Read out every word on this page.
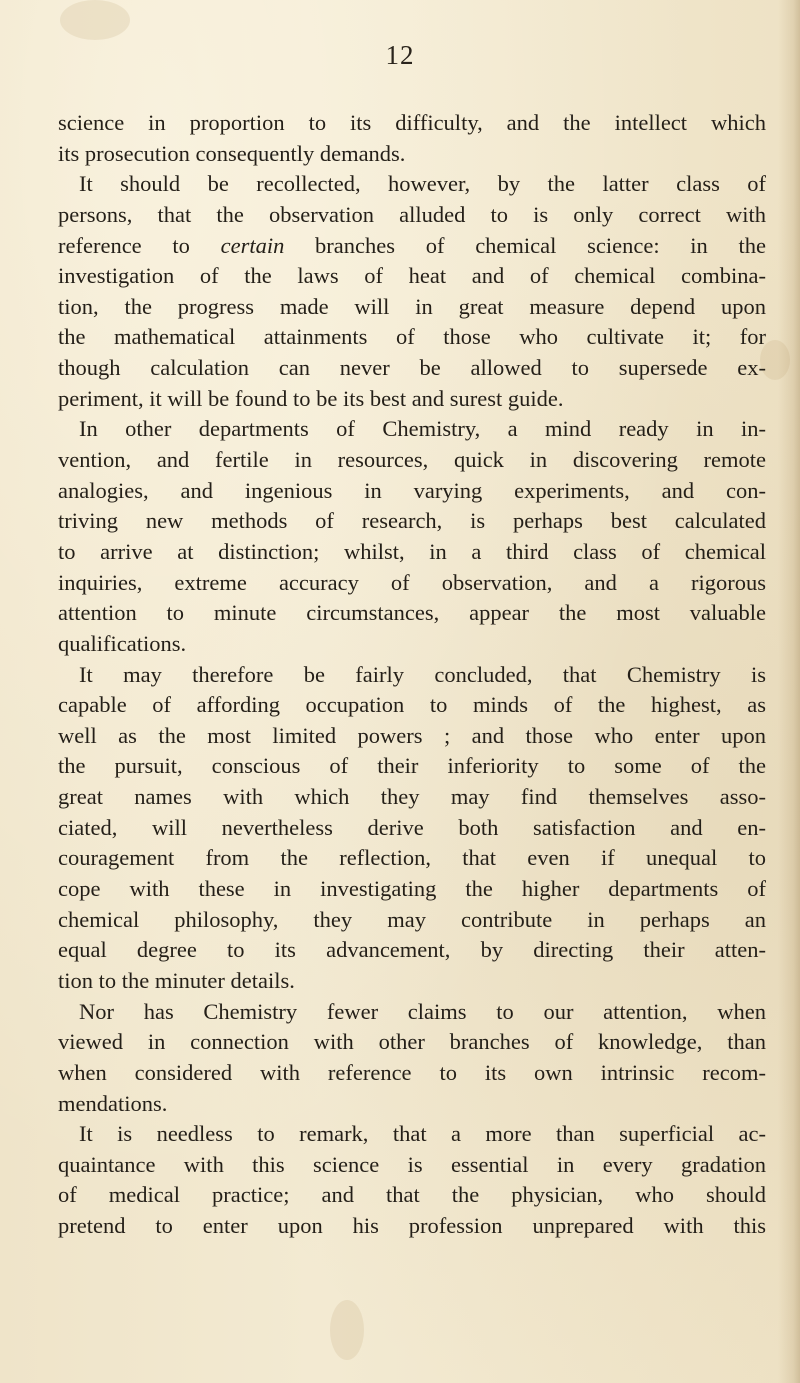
12
science in proportion to its difficulty, and the intellect which
its prosecution consequently demands.
It should be recollected, however, by the latter class of
persons, that the observation alluded to is only correct with
reference to certain branches of chemical science: in the
investigation of the laws of heat and of chemical combina-
tion, the progress made will in great measure depend upon
the mathematical attainments of those who cultivate it; for
though calculation can never be allowed to supersede ex-
periment, it will be found to be its best and surest guide.
In other departments of Chemistry, a mind ready in in-
vention, and fertile in resources, quick in discovering remote
analogies, and ingenious in varying experiments, and con-
triving new methods of research, is perhaps best calculated
to arrive at distinction; whilst, in a third class of chemical
inquiries, extreme accuracy of observation, and a rigorous
attention to minute circumstances, appear the most valuable
qualifications.
It may therefore be fairly concluded, that Chemistry is
capable of affording occupation to minds of the highest, as
well as the most limited powers ; and those who enter upon
the pursuit, conscious of their inferiority to some of the
great names with which they may find themselves asso-
ciated, will nevertheless derive both satisfaction and en-
couragement from the reflection, that even if unequal to
cope with these in investigating the higher departments of
chemical philosophy, they may contribute in perhaps an
equal degree to its advancement, by directing their atten-
tion to the minuter details.
Nor has Chemistry fewer claims to our attention, when
viewed in connection with other branches of knowledge, than
when considered with reference to its own intrinsic recom-
mendations.
It is needless to remark, that a more than superficial ac-
quaintance with this science is essential in every gradation
of medical practice; and that the physician, who should
pretend to enter upon his profession unprepared with this
